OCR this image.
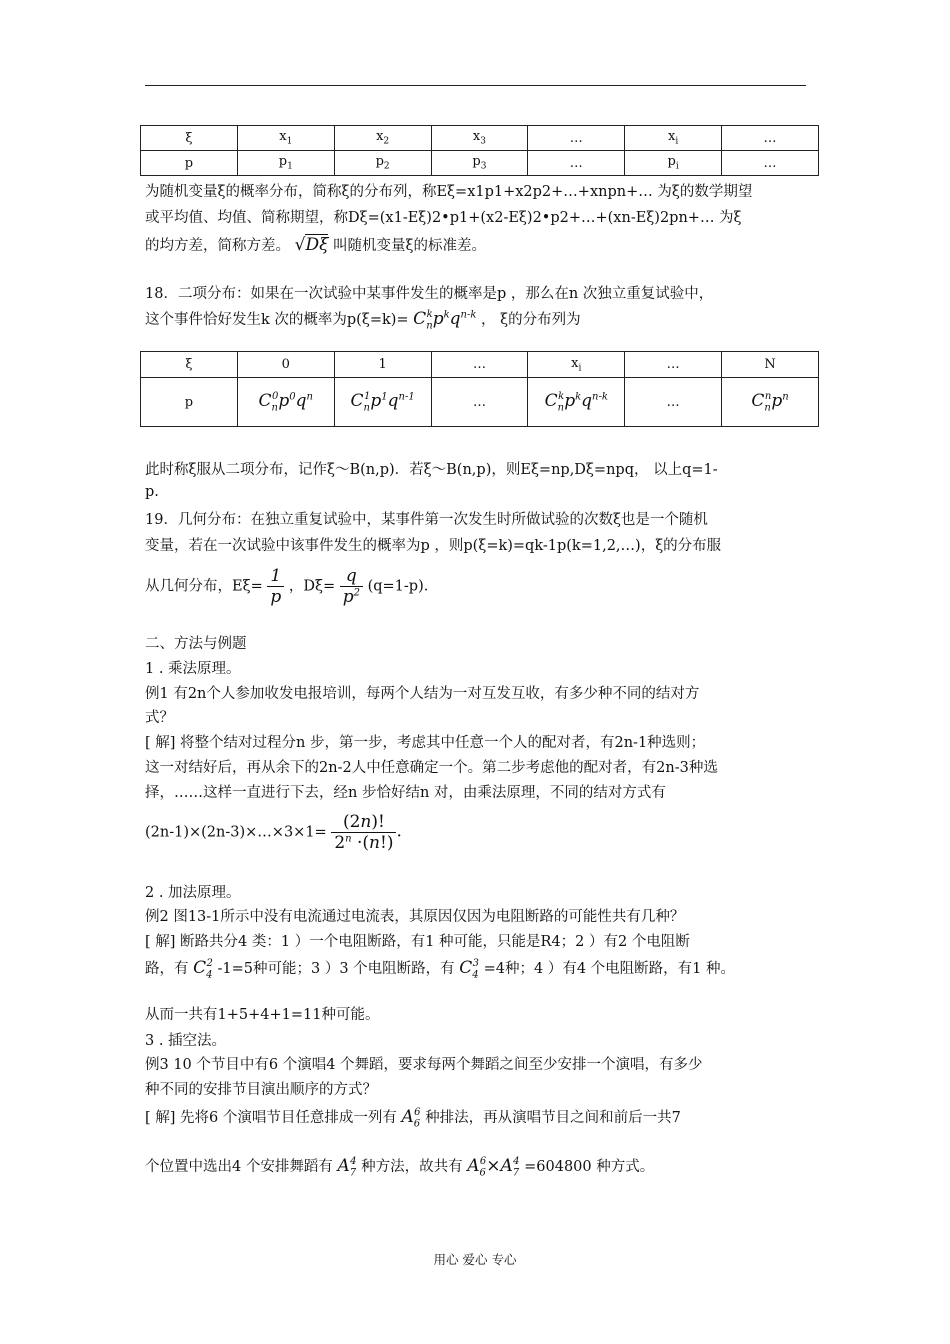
ξ	$x_1$	$x_2$	$x_3$	…	$x_i$	…
p	$p_1$	$p_2$	$p_3$	…	$p_i$	…
为随机变量ξ的概率分布，简称ξ的分布列，称Eξ=x1p1+x2p2+…+xnpn+… 为ξ的数学期望
或平均值、均值、简称期望，称Dξ=(x1-Eξ)2•p1+(x2-Eξ)2•p2+…+(xn-Eξ)2pn+… 为ξ
的均方差，简称方差。 √Dξ 叫随机变量ξ的标准差。
18．二项分布：如果在一次试验中某事件发生的概率是p ，那么在n 次独立重复试验中，
这个事件恰好发生k 次的概率为$p(\xi=k)= C_n^kp^kq^{n-k}$ ， ξ的分布列为
ξ	0	1	…	$x_i$	…	N
p	$C_n^0p^0q^n$	$C_n^1p^1q^{n-1}$	…	$C_n^kp^kq^{n-k}$	…	$C_n^np^n$
此时称ξ服从二项分布，记作ξ～B(n,p)．若ξ～B(n,p)，则Eξ=np,Dξ=npq， 以上q=1-
p.
19．几何分布：在独立重复试验中，某事件第一次发生时所做试验的次数ξ也是一个随机
变量，若在一次试验中该事件发生的概率为p ，则p(ξ=k)=qk-1p(k=1,2,…)，ξ的分布服
从几何分布，$E\xi= \frac{1}{p}$ ，$D\xi= \frac{q}{p^2} (q=1-p)$.
二、方法与例题
1 . 乘法原理。
例1 有2n个人参加收发电报培训，每两个人结为一对互发互收，有多少种不同的结对方
式？
[ 解] 将整个结对过程分n 步，第一步，考虑其中任意一个人的配对者，有2n-1种选则；
这一对结好后，再从余下的2n-2人中任意确定一个。第二步考虑他的配对者，有2n-3种选
择，……这样一直进行下去，经n 步恰好结n 对，由乘法原理，不同的结对方式有
(2n-1)×(2n-3)×…×3×1= $\frac{(2n)!}{2^n \cdot(n!)}$ .
2 . 加法原理。
例2 图13-1所示中没有电流通过电流表，其原因仅因为电阻断路的可能性共有几种？
[ 解] 断路共分4 类：1 ）一个电阻断路，有1 种可能，只能是R4；2 ）有2 个电阻断
路，有 $C_4^2$ -1=5种可能；3 ）3 个电阻断路，有 $C_4^3 =4$种；4 ）有4 个电阻断路，有1 种。
从而一共有1+5+4+1=11种可能。
3 . 插空法。
例3 10 个节目中有6 个演唱4 个舞蹈，要求每两个舞蹈之间至少安排一个演唱，有多少
种不同的安排节目演出顺序的方式？
[ 解] 先将6 个演唱节目任意排成一列有 $A_6^6$ 种排法，再从演唱节目之间和前后一共7
个位置中选出4 个安排舞蹈有 $A_7^4$ 种方法，故共有 $A_6^6\times A_7^4 =604800$ 种方式。
用心 爱心 专心
